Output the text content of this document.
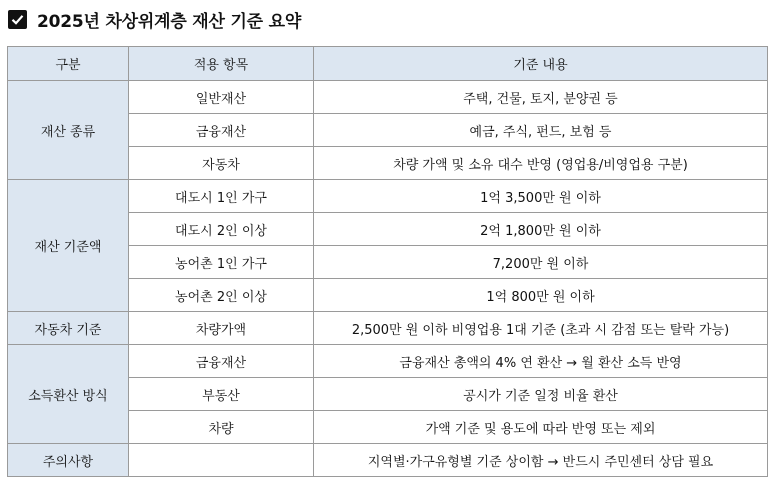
2025년 차상위계층 재산 기준 요약
구분	적용 항목	기준 내용
재산 종류	일반재산	주택, 건물, 토지, 분양권 등
	금융재산	예금, 주식, 펀드, 보험 등
	자동차	차량 가액 및 소유 대수 반영 (영업용/비영업용 구분)
재산 기준액	대도시 1인 가구	1억 3,500만 원 이하
	대도시 2인 이상	2억 1,800만 원 이하
	농어촌 1인 가구	7,200만 원 이하
	농어촌 2인 이상	1억 800만 원 이하
자동차 기준	차량가액	2,500만 원 이하 비영업용 1대 기준 (초과 시 감점 또는 탈락 가능)
소득환산 방식	금융재산	금융재산 총액의 4% 연 환산 → 월 환산 소득 반영
	부동산	공시가 기준 일정 비율 환산
	차량	가액 기준 및 용도에 따라 반영 또는 제외
주의사항		지역별·가구유형별 기준 상이함 → 반드시 주민센터 상담 필요
